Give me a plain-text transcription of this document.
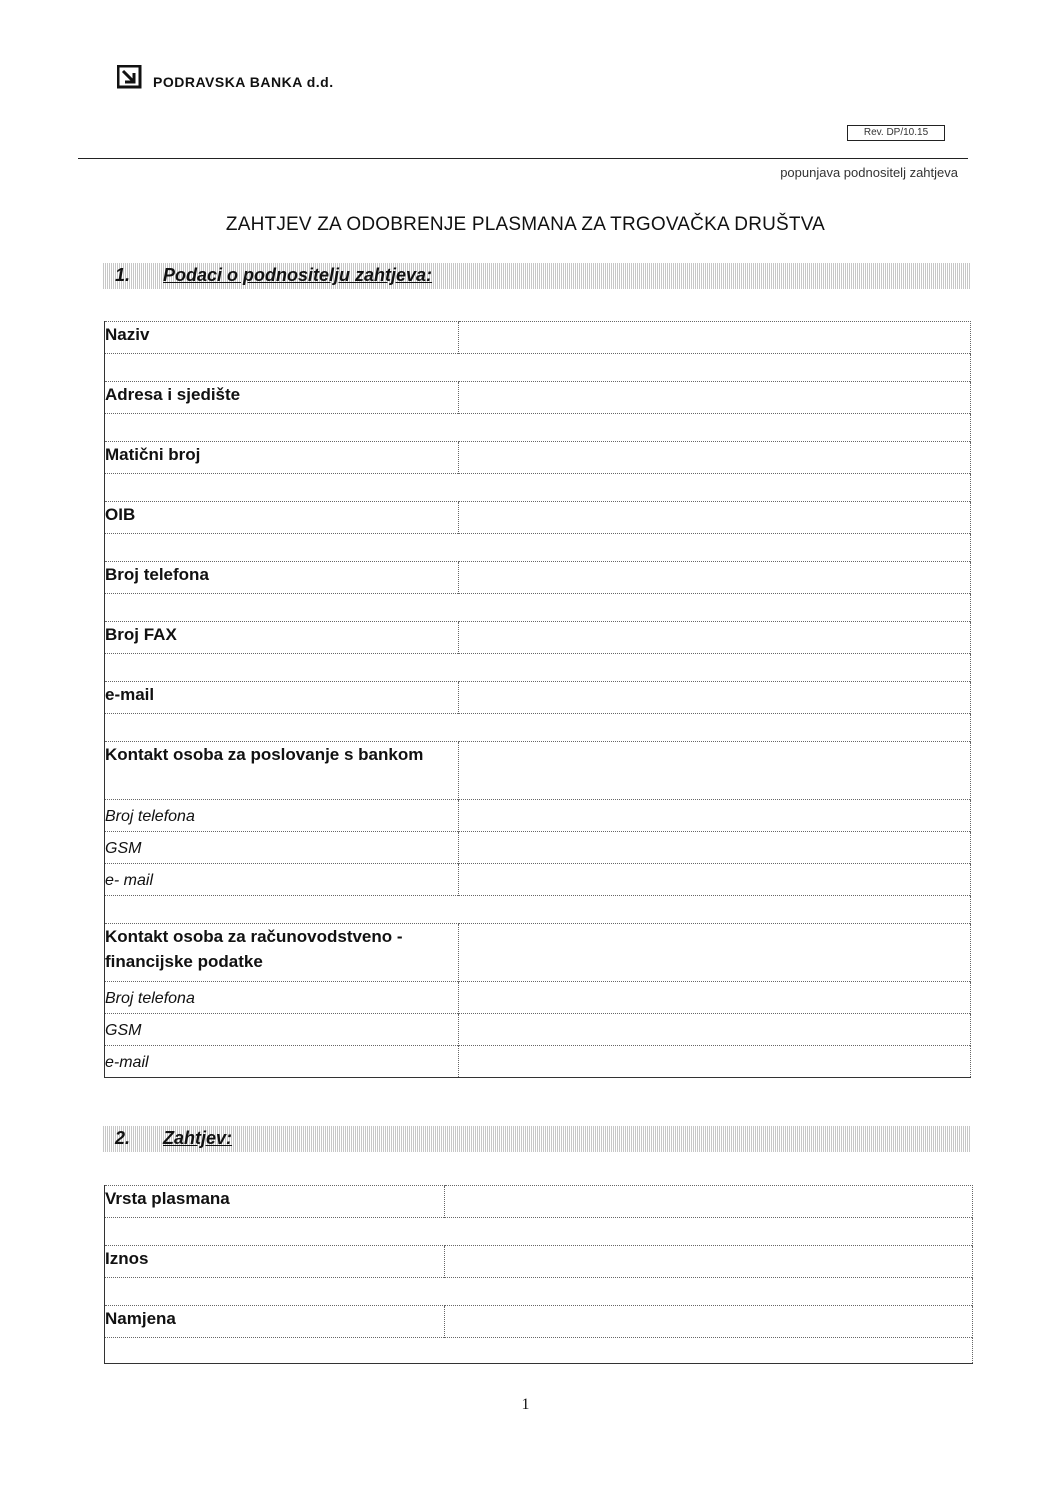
PODRAVSKA BANKA d.d.
Rev. DP/10.15
popunjava podnositelj zahtjeva
ZAHTJEV ZA ODOBRENJE PLASMANA ZA TRGOVAČKA DRUŠTVA
1. Podaci o podnositelju zahtjeva:
Naziv	

Adresa i sjedište	

Matični broj	

OIB	

Broj telefona	

Broj FAX	

e-mail	

Kontakt osoba za poslovanje s bankom	
Broj telefona	
GSM	
e- mail	

Kontakt osoba za računovodstveno - financijske podatke	
Broj telefona	
GSM	
e-mail	
2. Zahtjev:
Vrsta plasmana	

Iznos	

Namjena	

1
